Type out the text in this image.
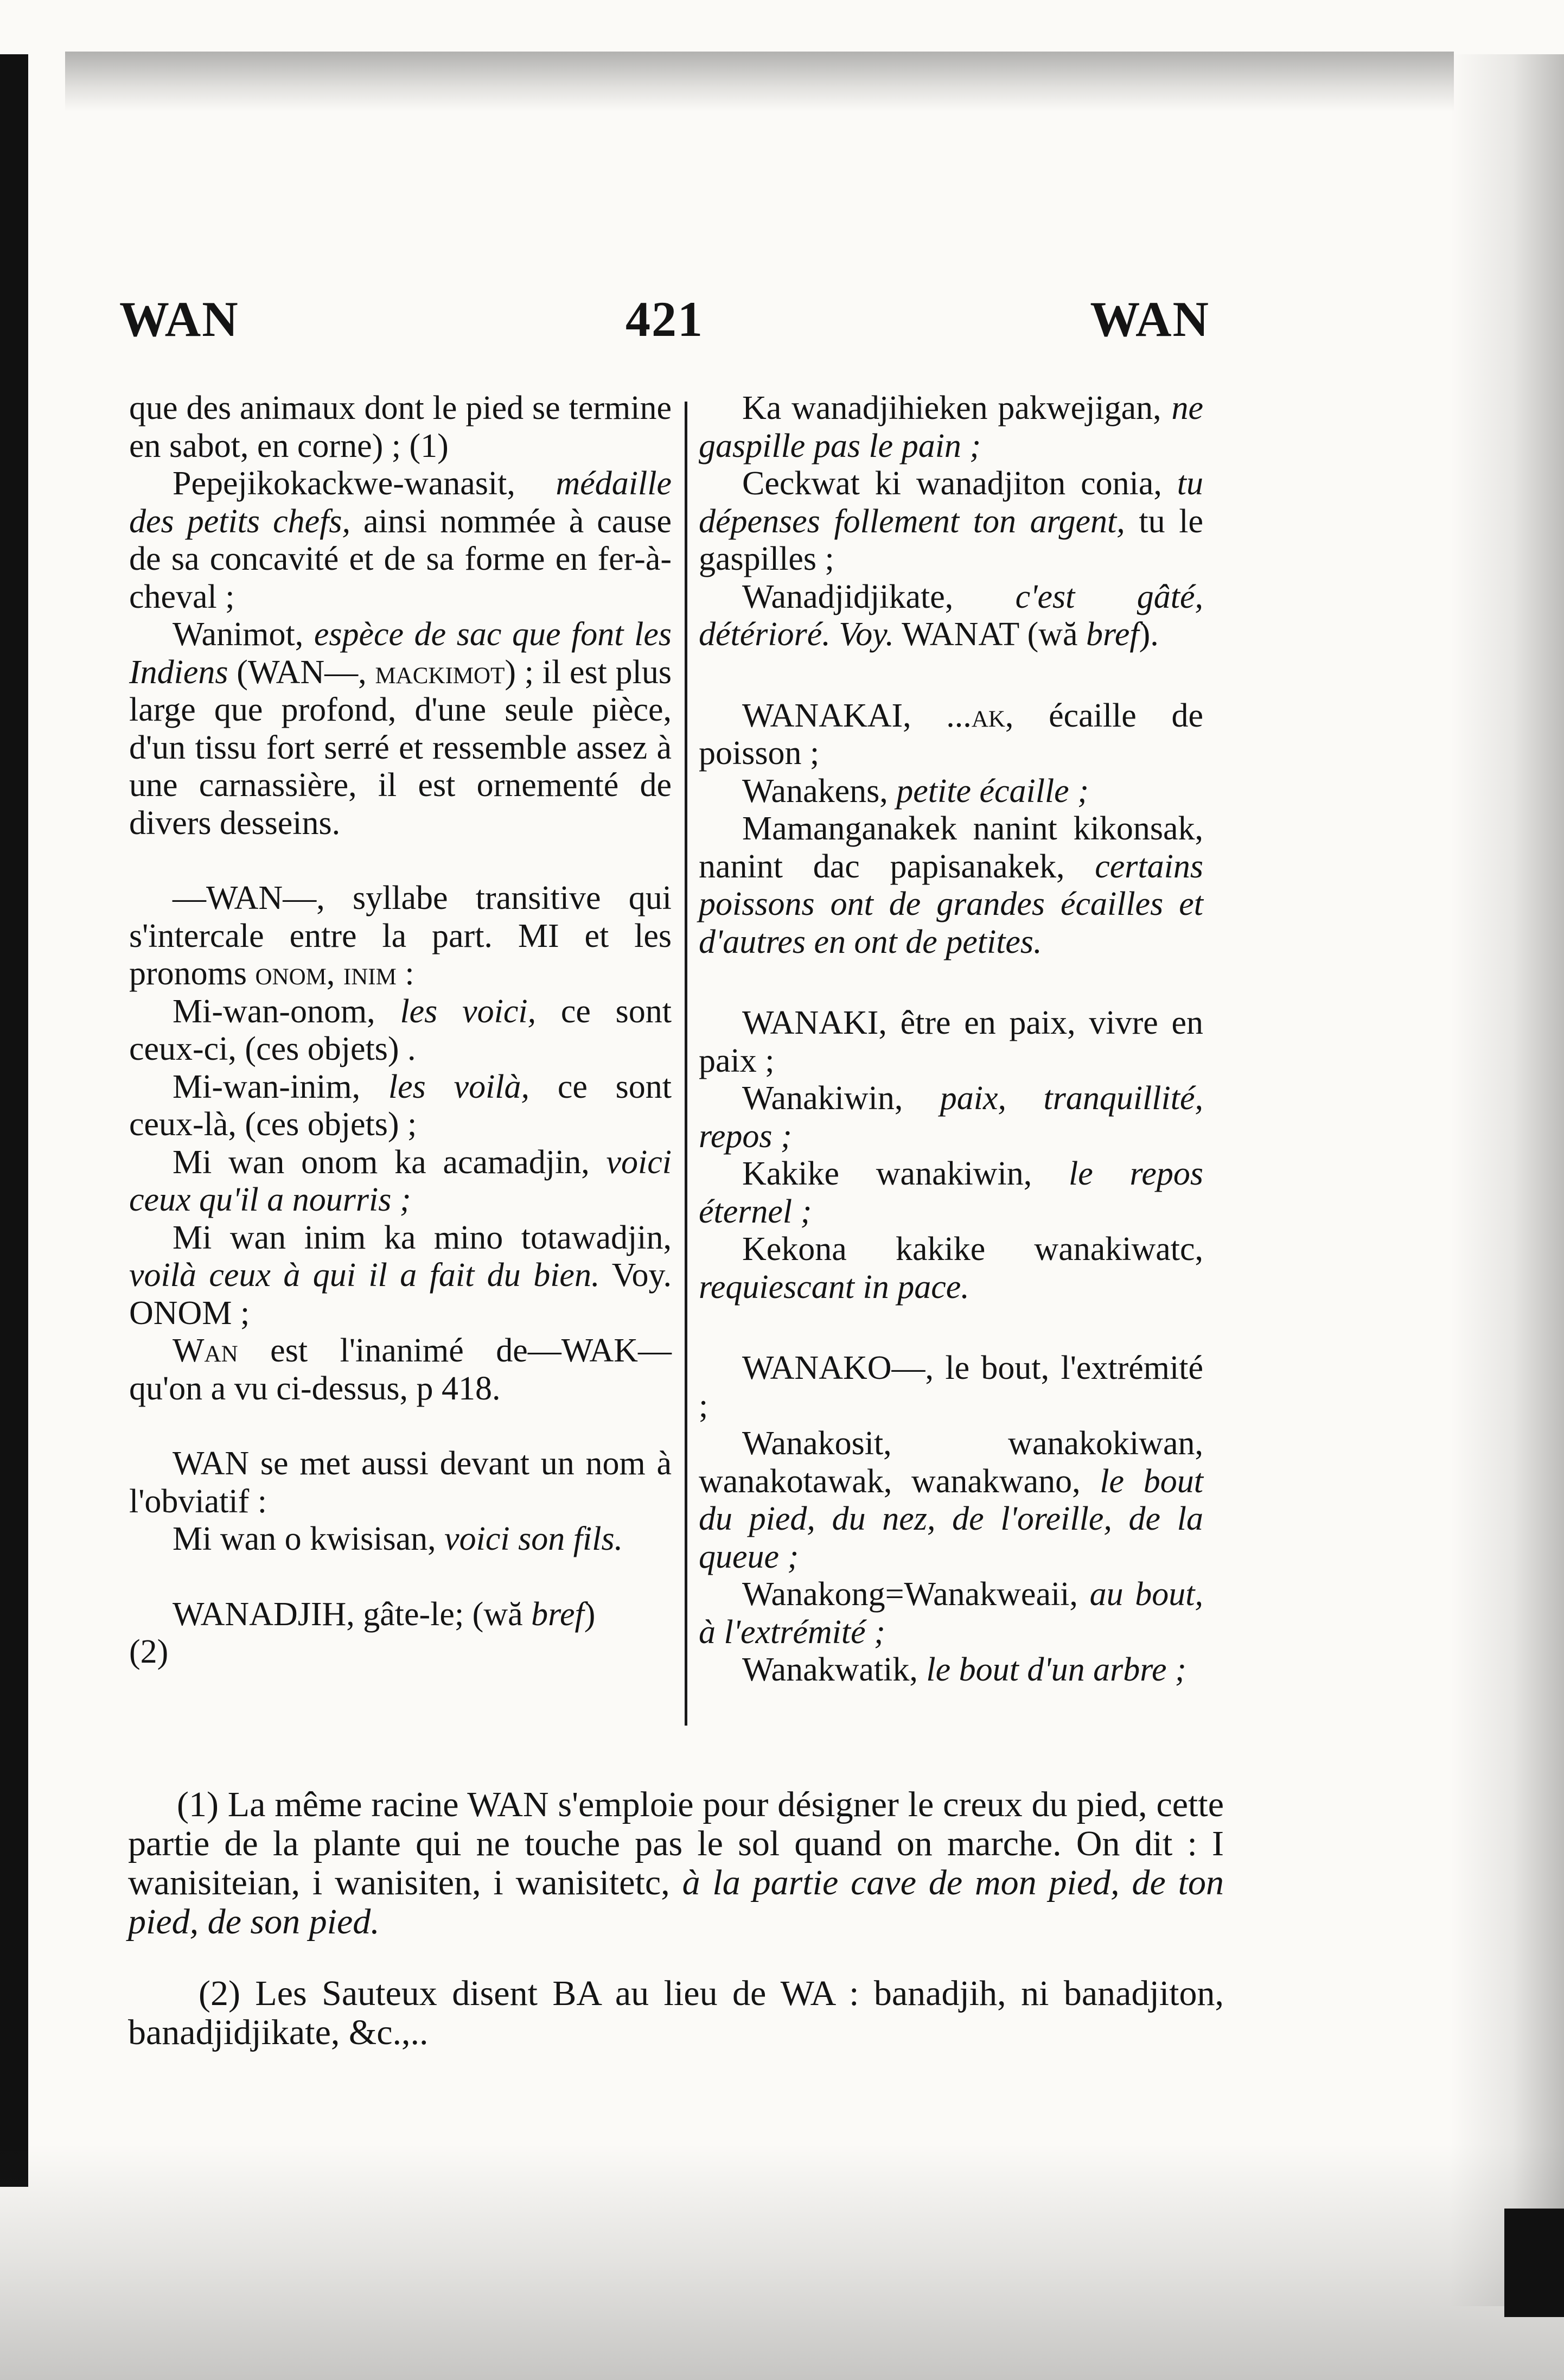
WAN	421	WAN

que des animaux dont le pied se termine en sabot, en corne) ; (1)

Pepejikokackwe-wanasit, médaille des petits chefs, ainsi nommée à cause de sa concavité et de sa forme en fer-à-cheval ;

Wanimot, espèce de sac que font les Indiens (WAN—, mackimot) ; il est plus large que profond, d'une seule pièce, d'un tissu fort serré et ressemble assez à une carnassière, il est ornementé de divers desseins.

—WAN—, syllabe transitive qui s'intercale entre la part. MI et les pronoms onom, inim :

Mi-wan-onom, les voici, ce sont ceux-ci, (ces objets) .

Mi-wan-inim, les voilà, ce sont ceux-là, (ces objets) ;

Mi wan onom ka acamadjin, voici ceux qu'il a nourris ;

Mi wan inim ka mino totawadjin, voilà ceux à qui il a fait du bien. Voy. ONOM ;

Wan est l'inanimé de—WAK— qu'on a vu ci-dessus, p 418.

WAN se met aussi devant un nom à l'obviatif :

Mi wan o kwisisan, voici son fils.

WANADJIH, gâte-le; (wă bref)

(2)

Ka wanadjihieken pakwejigan, ne gaspille pas le pain ;

Ceckwat ki wanadjiton conia, tu dépenses follement ton argent, tu le gaspilles ;

Wanadjidjikate, c'est gâté, détérioré. Voy. WANAT (wă bref).

WANAKAI, ...ak, écaille de poisson ;

Wanakens, petite écaille ;

Mamanganakek nanint kikonsak, nanint dac papisanakek, certains poissons ont de grandes écailles et d'autres en ont de petites.

WANAKI, être en paix, vivre en paix ;

Wanakiwin, paix, tranquillité, repos ;

Kakike wanakiwin, le repos éternel ;

Kekona kakike wanakiwatc, requiescant in pace.

WANAKO—, le bout, l'extrémité ;

Wanakosit, wanakokiwan, wanakotawak, wanakwano, le bout du pied, du nez, de l'oreille, de la queue ;

Wanakong=Wanakweaii, au bout, à l'extrémité ;

Wanakwatik, le bout d'un arbre ;

(1) La même racine WAN s'emploie pour désigner le creux du pied, cette partie de la plante qui ne touche pas le sol quand on marche. On dit : I wanisiteian, i wanisiten, i wanisitetc, à la partie cave de mon pied, de ton pied, de son pied.

(2) Les Sauteux disent BA au lieu de WA : banadjih, ni banadjiton, banadjidjikate, &c.,..
